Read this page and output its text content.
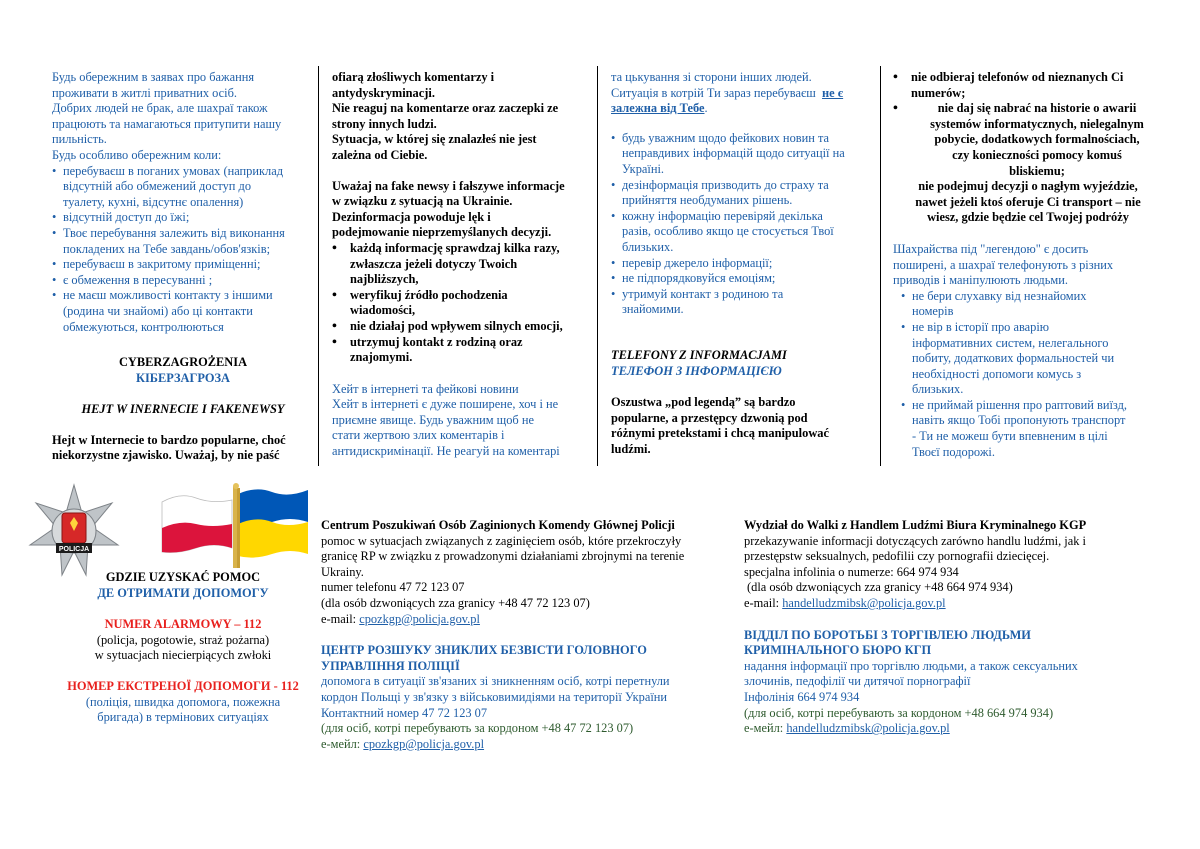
Будь обережним в заявах про бажання

проживати в житлі приватних осіб.

Добрих людей не брак, але шахраї також

працюють та намагаються притупити нашу

пильність.

Будь особливо обережним коли:

• перебуваєш в поганих умовах (наприклад
відсутній або обмежений доступ до
туалету, кухні, відсутнє опалення)
• відсутній доступ до їжі;
• Твоє перебування залежить від виконання
покладених на Тебе завдань/обов'язків;
• перебуваєш в закритому приміщенні;
• є обмеження в пересуванні ;
• не маєш можливості контакту з іншими
(родина чи знайомі) або ці контакти
обмежуються, контролюються

CYBERZAGROŻENIA

КІБЕРЗАГРОЗА

HEJT W INERNECIE I FAKENEWSY

Hejt w Internecie to bardzo popularne, choć

niekorzystne zjawisko. Uważaj, by nie paść

ofiarą złośliwych komentarzy i

antydyskryminacji.

Nie reaguj na komentarze oraz zaczepki ze

strony innych ludzi.

Sytuacja, w której się znalazłeś nie jest

zależna od Ciebie.

Uważaj na fake newsy i fałszywe informacje

w związku z sytuacją na Ukrainie.

Dezinformacja powoduje lęk i

podejmowanie nieprzemyślanych decyzji.

• każdą informację sprawdzaj kilka razy,
zwłaszcza jeżeli dotyczy Twoich
najbliższych,
• weryfikuj źródło pochodzenia
wiadomości,
• nie działaj pod wpływem silnych emocji,
• utrzymuj kontakt z rodziną oraz
znajomymi.

Хейт в інтернеті та фейкові новини

Хейт в інтернеті є дуже поширене, хоч і не

приємне явище. Будь уважним щоб не

стати жертвою злих коментарів і

антидискримінації. Не реагуй на коментарі

та цькування зі сторони інших людей.

Ситуація в котрій Ти зараз перебуваєш не є

залежна від Тебе.

• будь уважним щодо фейкових новин та
неправдивих інформацій щодо ситуації на
Україні.
• дезінформація призводить до страху та
прийняття необдуманих рішень.
• кожну інформацію перевіряй декілька
разів, особливо якщо це стосується Твої
близьких.
• перевір джерело інформації;
• не підпорядковуйся емоціям;
• утримуй контакт з родиною та
знайомими.

TELEFONY Z INFORMACJAMI

ТЕЛЕФОН З ІНФОРМАЦІЄЮ

Oszustwa „pod legendą” są bardzo

popularne, a przestępcy dzwonią pod

różnymi pretekstami i chcą manipulować

ludźmi.

• nie odbieraj telefonów od nieznanych Ci
numerów;
• nie daj się nabrać na historie o awarii
systemów informatycznych, nielegalnym
pobycie, dodatkowych formalnościach,
czy konieczności pomocy komuś
bliskiemu;

nie podejmuj decyzji o nagłym wyjeździe,

nawet jeżeli ktoś oferuje Ci transport – nie

wiesz, gdzie będzie cel Twojej podróży

Шахрайства під "легендою" є досить

поширені, а шахраї телефонують з різних

приводів і маніпулюють людьми.

• не бери слухавку від незнайомих
номерів
• не вір в історії про аварію
інформативних систем, нелегального
побиту, додаткових формальностей чи
необхідності допомоги комусь з
близьких.
• не приймай рішення про раптовий виїзд,
навіть якщо Тобі пропонують транспорт
- Ти не можеш бути впевненим в цілі
Твоєї подорожі.
POLICJA

GDZIE UZYSKAĆ POMOC

ДЕ ОТРИМАТИ ДОПОМОГУ

NUMER ALARMOWY – 112

(policja, pogotowie, straż pożarna)

w sytuacjach niecierpiących zwłoki

НОМЕР ЕКСТРЕНОЇ ДОПОМОГИ - 112

(поліція, швидка допомога, пожежна

бригада) в термінових ситуаціях

Centrum Poszukiwań Osób Zaginionych Komendy Głównej Policji

pomoc w sytuacjach związanych z zaginięciem osób, które przekroczyły

granicę RP w związku z prowadzonymi działaniami zbrojnymi na terenie

Ukrainy.

numer telefonu 47 72 123 07

(dla osób dzwoniących zza granicy +48 47 72 123 07)

e-mail: cpozkgp@policja.gov.pl

ЦЕНТР РОЗШУКУ ЗНИКЛИХ БЕЗВІСТИ ГОЛОВНОГО

УПРАВЛІННЯ ПОЛІЦІЇ

допомога в ситуації зв'язаних зі зникненням осіб, котрі перетнули

кордон Польщі у зв'язку з військовимидіями на території України

Контактний номер 47 72 123 07

(для осіб, котрі перебувають за кордоном +48 47 72 123 07)

е-мейл: cpozkgp@policja.gov.pl

Wydział do Walki z Handlem Ludźmi Biura Kryminalnego KGP

przekazywanie informacji dotyczących zarówno handlu ludźmi, jak i

przestępstw seksualnych, pedofilii czy pornografii dziecięcej.

specjalna infolinia o numerze: 664 974 934

(dla osób dzwoniących zza granicy +48 664 974 934)

e-mail: handelludzmibsk@policja.gov.pl

ВІДДІЛ ПО БОРОТЬБІ З ТОРГІВЛЕЮ ЛЮДЬМИ

КРИМІНАЛЬНОГО БЮРО КГП

надання інформації про торгівлю людьми, а також сексуальних

злочинів, педофілії чи дитячої порнографії

Інфолінія 664 974 934

(для осіб, котрі перебувають за кордоном +48 664 974 934)

е-мейл: handelludzmibsk@policja.gov.pl
